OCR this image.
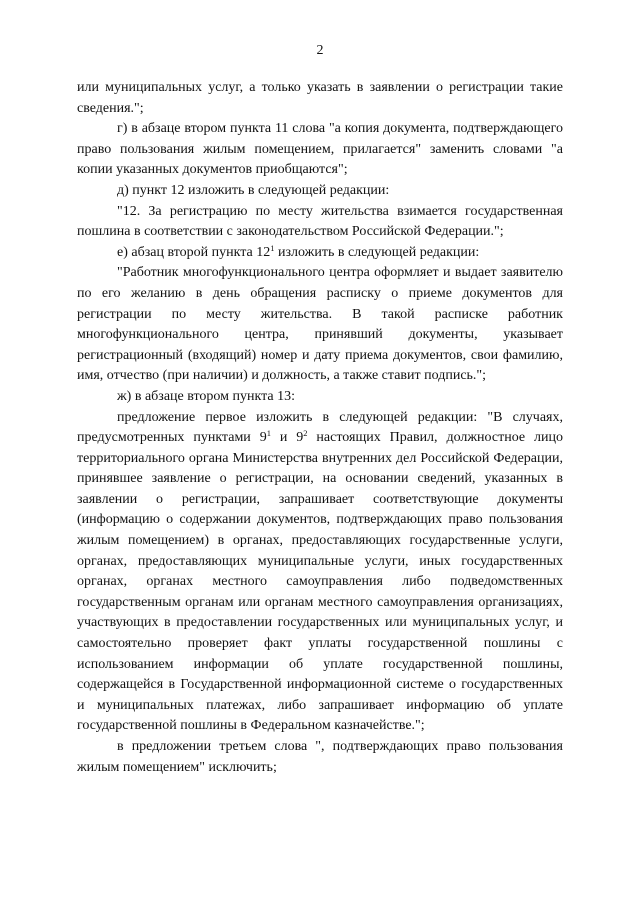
2

или муниципальных услуг, а только указать в заявлении о регистрации такие сведения.";

г) в абзаце втором пункта 11 слова "а копия документа, подтверждающего право пользования жилым помещением, прилагается" заменить словами "а копии указанных документов приобщаются";

д) пункт 12 изложить в следующей редакции:

"12. За регистрацию по месту жительства взимается государственная пошлина в соответствии с законодательством Российской Федерации.";

е) абзац второй пункта $12^1$ изложить в следующей редакции:

"Работник многофункционального центра оформляет и выдает заявителю по его желанию в день обращения расписку о приеме документов для регистрации по месту жительства. В такой расписке работник многофункционального центра, принявший документы, указывает регистрационный (входящий) номер и дату приема документов, свои фамилию, имя, отчество (при наличии) и должность, а также ставит подпись.";

ж) в абзаце втором пункта 13:

предложение первое изложить в следующей редакции: "В случаях, предусмотренных пунктами $9^1$ и $9^2$ настоящих Правил, должностное лицо территориального органа Министерства внутренних дел Российской Федерации, принявшее заявление о регистрации, на основании сведений, указанных в заявлении о регистрации, запрашивает соответствующие документы (информацию о содержании документов, подтверждающих право пользования жилым помещением) в органах, предоставляющих государственные услуги, органах, предоставляющих муниципальные услуги, иных государственных органах, органах местного самоуправления либо подведомственных государственным органам или органам местного самоуправления организациях, участвующих в предоставлении государственных или муниципальных услуг, и самостоятельно проверяет факт уплаты государственной пошлины с использованием информации об уплате государственной пошлины, содержащейся в Государственной информационной системе о государственных и муниципальных платежах, либо запрашивает информацию об уплате государственной пошлины в Федеральном казначействе.";

в предложении третьем слова ", подтверждающих право пользования жилым помещением" исключить;
